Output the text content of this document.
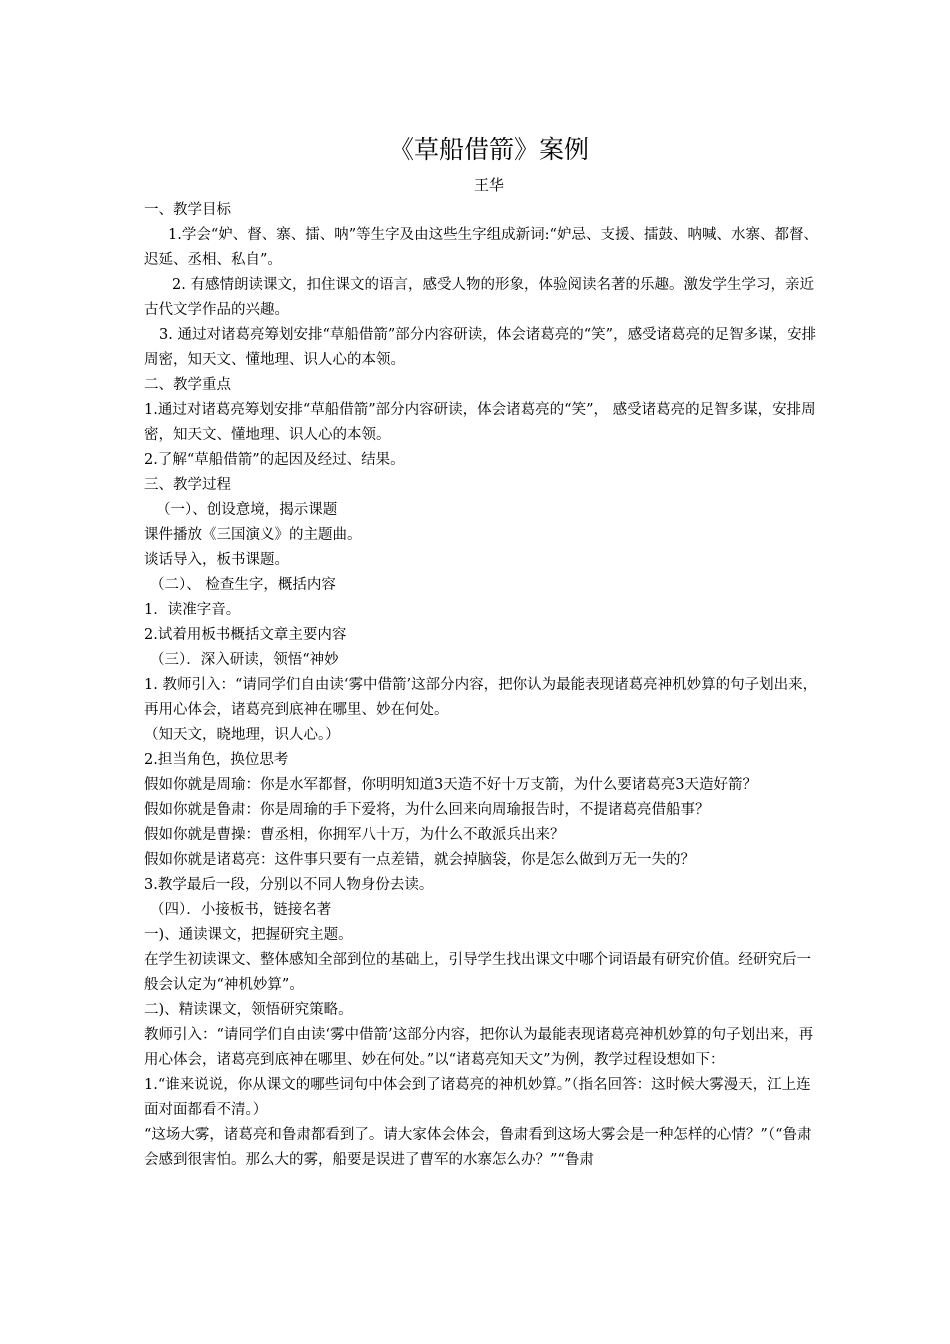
《草船借箭》案例
王华

一、教学目标

1.学会“妒、督、寨、擂、呐”等生字及由这些生字组成新词:“妒忌、支援、擂鼓、呐喊、水寨、都督、迟延、丞相、私自”。

2. 有感情朗读课文，扣住课文的语言，感受人物的形象，体验阅读名著的乐趣。激发学生学习，亲近古代文学作品的兴趣。

3. 通过对诸葛亮筹划安排“草船借箭”部分内容研读，体会诸葛亮的“笑”，感受诸葛亮的足智多谋，安排周密，知天文、懂地理、识人心的本领。

二、教学重点

1.通过对诸葛亮筹划安排“草船借箭”部分内容研读，体会诸葛亮的“笑”， 感受诸葛亮的足智多谋，安排周密，知天文、懂地理、识人心的本领。

2.了解“草船借箭”的起因及经过、结果。

三、教学过程

（一）、创设意境，揭示课题

课件播放《三国演义》的主题曲。

谈话导入，板书课题。

（二）、 检查生字，概括内容

1．读准字音。

2.试着用板书概括文章主要内容

（三）．深入研读，领悟“神妙

1. 教师引入：“请同学们自由读‘雾中借箭’这部分内容，把你认为最能表现诸葛亮神机妙算的句子划出来，再用心体会，诸葛亮到底神在哪里、妙在何处。

（知天文，晓地理，识人心。）

2.担当角色，换位思考

假如你就是周瑜：你是水军都督，你明明知道3天造不好十万支箭，为什么要诸葛亮3天造好箭？

假如你就是鲁肃：你是周瑜的手下爱将，为什么回来向周瑜报告时，不提诸葛亮借船事？

假如你就是曹操：曹丞相，你拥军八十万，为什么不敢派兵出来？

假如你就是诸葛亮：这件事只要有一点差错，就会掉脑袋，你是怎么做到万无一失的？

3.教学最后一段，分别以不同人物身份去读。

（四）．小接板书，链接名著

一)、通读课文，把握研究主题。

在学生初读课文、整体感知全部到位的基础上，引导学生找出课文中哪个词语最有研究价值。经研究后一般会认定为“神机妙算”。

二)、精读课文，领悟研究策略。

教师引入：“请同学们自由读‘雾中借箭’这部分内容，把你认为最能表现诸葛亮神机妙算的句子划出来，再用心体会，诸葛亮到底神在哪里、妙在何处。”以“诸葛亮知天文”为例，教学过程设想如下：

1.“谁来说说，你从课文的哪些词句中体会到了诸葛亮的神机妙算。”（指名回答：这时候大雾漫天，江上连面对面都看不清。）

“这场大雾，诸葛亮和鲁肃都看到了。请大家体会体会，鲁肃看到这场大雾会是一种怎样的心情？”（“鲁肃会感到很害怕。那么大的雾，船要是误进了曹军的水寨怎么办？”“鲁肃
